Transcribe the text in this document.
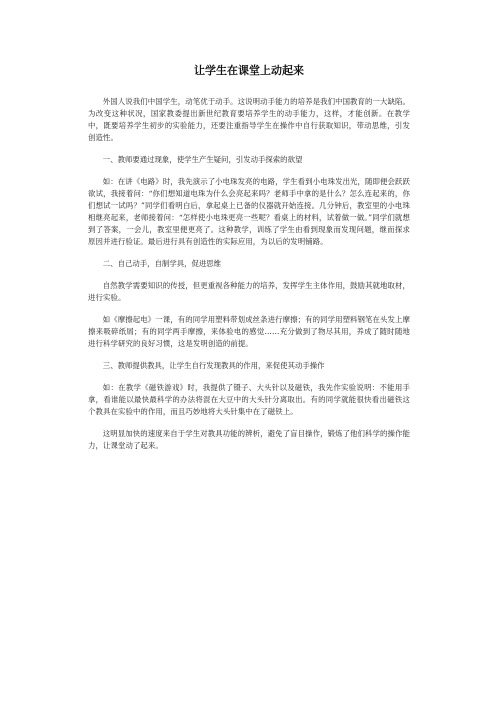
让学生在课堂上动起来

外国人说我们中国学生，动笔优于动手。这说明动手能力的培养是我们中国教育的一大缺陷。为改变这种状况，国家教委提出新世纪教育要培养学生的动手能力，这样，才能创新。在教学中，既要培养学生初步的实验能力，还要注重指导学生在操作中自行获取知识，带动思维，引发创造性。

一、教师要通过现象，使学生产生疑问，引发动手探索的欲望

如：在讲《电路》时，我先演示了小电珠发亮的电路，学生看到小电珠发出光，随即便会跃跃欲试，我接着问：“你们想知道电珠为什么会亮起来吗？老师手中拿的是什么？怎么连起来的，你们想试一试吗？”同学们看明白后，拿起桌上已备的仪器就开始连接。几分钟后，教室里的小电珠相继亮起来，老师接着问：“怎样使小电珠更亮一些呢？看桌上的材料，试着做一做。”同学们就想到了答案，一会儿，教室里便更亮了。这种教学，训练了学生由看到现象而发现问题，继而探求原因并进行验证。最后进行具有创造性的实际应用，为以后的发明铺路。

二、自己动手，自制学具，促进思维

自然教学需要知识的传授，但更重视各种能力的培养，发挥学生主体作用，鼓励其就地取材，进行实验。

如《摩擦起电》一课，有的同学用塑料带划成丝条进行摩擦；有的同学用塑料钢笔在头发上摩擦来吸碎纸屑；有的同学两手摩擦，来体验电的感觉……充分做到了物尽其用，养成了随时随地进行科学研究的良好习惯，这是发明创造的前提。

三、教师提供教具，让学生自行发现教具的作用，来促使其动手操作

如：在教学《磁铁游戏》时，我提供了镊子、大头针以及磁铁，我先作实验说明：不能用手拿，看谁能以最快最科学的办法将混在大豆中的大头针分离取出。有的同学就能很快看出磁铁这个教具在实验中的作用，而且巧妙地将大头针集中在了磁铁上。

这明显加快的速度来自于学生对教具功能的辨析，避免了盲目操作，锻炼了他们科学的操作能力，让课堂动了起来。
